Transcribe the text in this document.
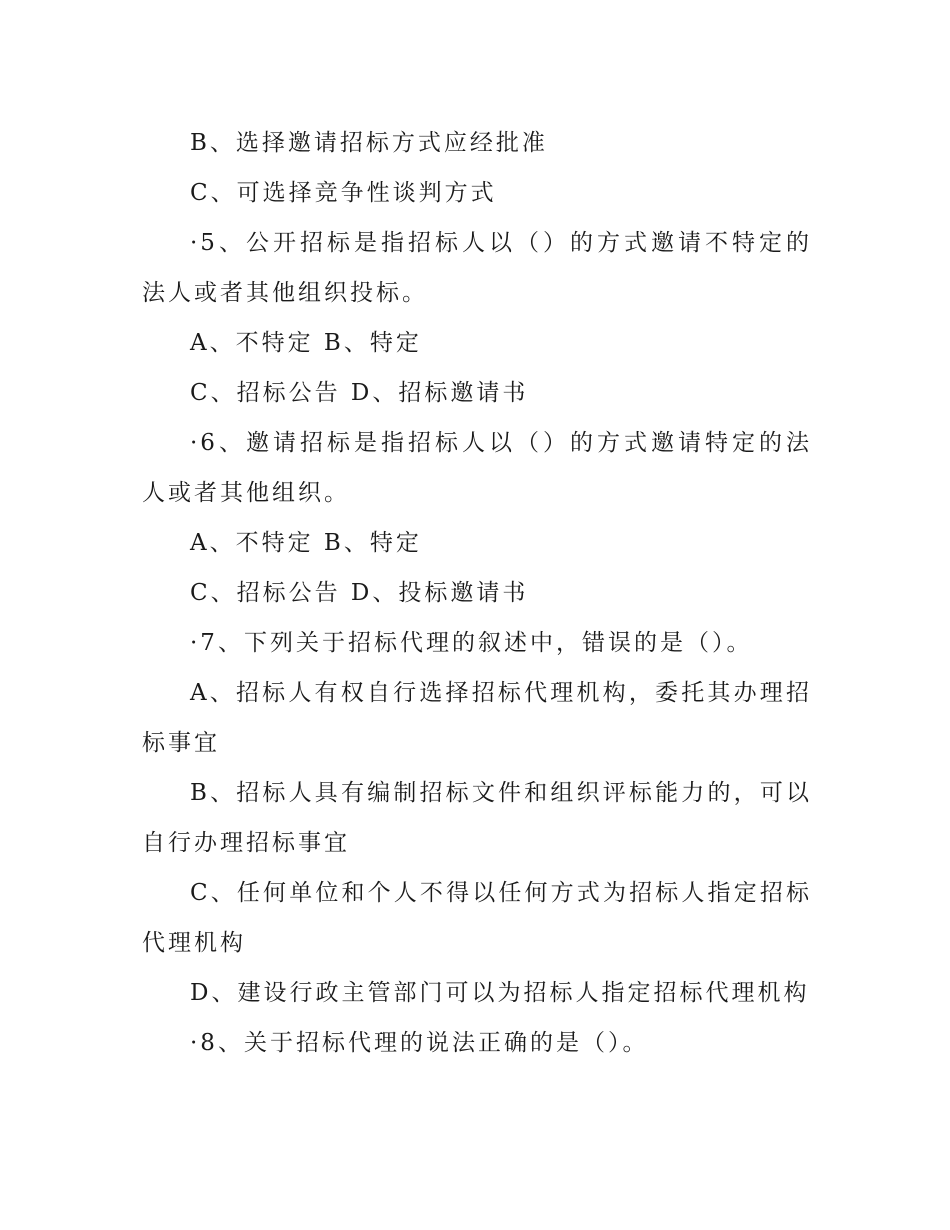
B、选择邀请招标方式应经批准

C、可选择竞争性谈判方式

·5、公开招标是指招标人以（）的方式邀请不特定的法人或者其他组织投标。

A、不特定 B、特定

C、招标公告 D、招标邀请书

·6、邀请招标是指招标人以（）的方式邀请特定的法人或者其他组织。

A、不特定 B、特定

C、招标公告 D、投标邀请书

·7、下列关于招标代理的叙述中，错误的是（）。

A、招标人有权自行选择招标代理机构，委托其办理招标事宜

B、招标人具有编制招标文件和组织评标能力的，可以自行办理招标事宜

C、任何单位和个人不得以任何方式为招标人指定招标代理机构

D、建设行政主管部门可以为招标人指定招标代理机构

·8、关于招标代理的说法正确的是（）。
